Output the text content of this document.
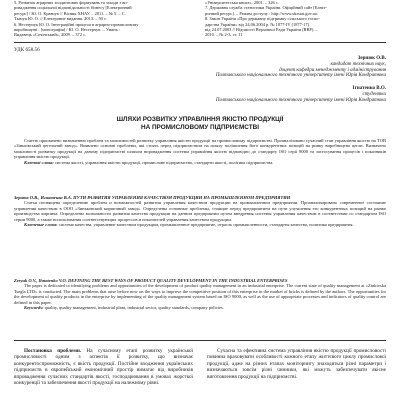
5. Розвиток аграрних холдингових формувань та заходи з вп-

ровадження соціальної відповідальності бізнесу [Електронний

ресурс] / Ю. О. Кравчук // Вісник ХНАУ. – 2011. – № 5. – С.

Ткачук Ю. О. // Електронне видання. 2013. – 50 с.

6. Нестерчук Ю. О. Інтеграційні процеси в аграрно-промисловому

виробництві : [монографія] / Ю. О. Нестерчук. – Умань :

Видавець «Сочінський», 2009. – 372 с.

«Університетська книга», 2001. – 326 с.

7. Державна служба статистики України. Офіційний сайт [Елект-

ронний ресурс]. – Режим доступу : http://www.ukrstat.gov.ua.

8. Закон України «Про державну підтримку сільського госпо-

дарства України» від 24.06.2004 р. № 1877-IV (1877-17)

від 24.07.2003 // Відомості Верховної Ради України (ВВР). –

2010. – № 2-3, ст. 11

УДК 658.56
Зернюк О.В.
кандидат технічних наук,
доцент кафедри менеджменту і адміністрування
Полтавського національного технічного університету імені Юрія Кондратюка
Ігнатенко В.О.
студентка
Полтавського національного технічного університету імені Юрія Кондратюка
ШЛЯХИ РОЗВИТКУ УПРАВЛІННЯ ЯКІСТЮ ПРОДУКЦІЇ
НА ПРОМИСЛОВОМУ ПІДПРИЄМСТВІ

Статтю присвячено визначенню проблем та можливостей розвитку управління якістю продукції на промисловому підприємстві. Проаналізовано сучасний стан управління якістю на ТОВ «Зіньківський цегельний завод». Виявлено основні проблеми, які стоять перед підприємством на шляху поліпшення його конкурентних позицій на ринку виробництва цегли. Визначено можливості розвитку продукції на даному підприємстві шляхом впровадження системи управління якістю відповідно до стандарту ISO серії 9000 та застосування процесів і показників управління якістю продукції.

Ключові слова: система якості, управління якістю продукції, промислове підприємство, стандарти якості, політика підприємства.

Зернюк О.В., Игнатенко В.А. ПУТИ РАЗВИТИЯ УПРАВЛЕНИЯ КАЧЕСТВОМ ПРОДУКЦИИ НА ПРОМЫШЛЕННОМ ПРЕДПРИЯТИИ

Статья посвящена определению проблем и возможностей развития управления качеством продукции на промышленном предприятии. Проанализировано современное состояние управления качеством в ООО «Зиньковский кирпичный завод». Определены основные проблемы, стоящие перед предприятием на пути улучшения его конкурентных позиций на рынке производства кирпича. Определены возможности развития качества продукции на данном предприятии путем внедрения системы управления качеством в соответствии со стандартом ISO серии 9000, а также использования соответствующих процессов и показателей управления качеством продукции.

Ключевые слова: система качества, управление качеством продукции, промышленное предприятие, отрасль промышленности, стандарты качества, политика предприятия.

Zeryuk O.V., Ihnatenko V.O. DEFINING THE BEST WAYS OF PRODUCT QUALITY DEVELOPMENT IN THE INDUSTRIAL ENTERPRISES

The paper is dedicated to identifying problems and opportunities of the development of product quality management in an industrial enterprise. The current state of quality management at «Zinkivska Tsegla LTD» is conducted. The main problems that arise before now on the ways to improve the competitive position of this enterprise in the market of bricks is defined by the authors. The opportunities for the development of quality products in the enterprise by implementing of the quality management system based on ISO 9000, as well as the use of appropriate processes and indicators of quality control are defined in this paper.

Keywords: quality, quality management, industrial plant, industrial sector, quality standards, company policies.

Постановка проблеми. На сучасному етапі розвитку української промисловості одним з аспектів її розвитку, що визначає конкурентоспроможність, є якість продукції. Постійне входження українських підприємств в європейський економічний простір вимагає від виробників впровадження сучасних стандартів якості, господарювання в умовах жорсткої конкуренції та забезпечення якості продукції на належному рівні.

Сучасна та ефективна система управління якістю продукції промисловості повинна враховувати особливості кожного етапу життєвого циклу промислової продукції, адже на різних етапах моніторингу знаходяться різні параметри і визначаються зовсім різні чинники, які можуть забезпечувати якісне виготовлення продукції на підприємстві.
